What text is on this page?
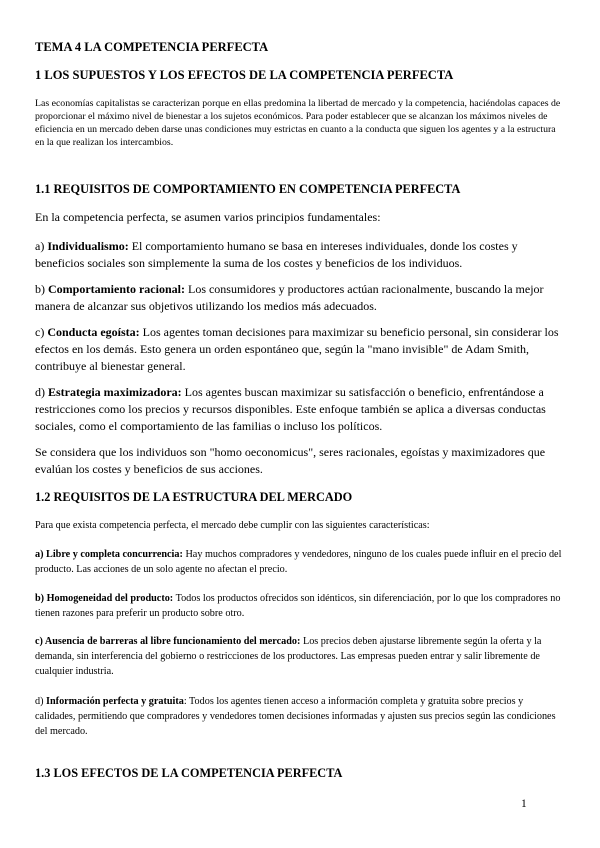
TEMA 4 LA COMPETENCIA PERFECTA
1 LOS SUPUESTOS Y LOS EFECTOS DE LA COMPETENCIA PERFECTA

Las economías capitalistas se caracterizan porque en ellas predomina la libertad de mercado y la competencia, haciéndolas capaces de proporcionar el máximo nivel de bienestar a los sujetos económicos. Para poder establecer que se alcanzan los máximos niveles de eficiencia en un mercado deben darse unas condiciones muy estrictas en cuanto a la conducta que siguen los agentes y a la estructura en la que realizan los intercambios.

1.1 REQUISITOS DE COMPORTAMIENTO EN COMPETENCIA PERFECTA

En la competencia perfecta, se asumen varios principios fundamentales:

a) Individualismo: El comportamiento humano se basa en intereses individuales, donde los costes y beneficios sociales son simplemente la suma de los costes y beneficios de los individuos.

b) Comportamiento racional: Los consumidores y productores actúan racionalmente, buscando la mejor manera de alcanzar sus objetivos utilizando los medios más adecuados.

c) Conducta egoísta: Los agentes toman decisiones para maximizar su beneficio personal, sin considerar los efectos en los demás. Esto genera un orden espontáneo que, según la "mano invisible" de Adam Smith, contribuye al bienestar general.

d) Estrategia maximizadora: Los agentes buscan maximizar su satisfacción o beneficio, enfrentándose a restricciones como los precios y recursos disponibles. Este enfoque también se aplica a diversas conductas sociales, como el comportamiento de las familias o incluso los políticos.

Se considera que los individuos son "homo oeconomicus", seres racionales, egoístas y maximizadores que evalúan los costes y beneficios de sus acciones.

1.2 REQUISITOS DE LA ESTRUCTURA DEL MERCADO

Para que exista competencia perfecta, el mercado debe cumplir con las siguientes características:

a) Libre y completa concurrencia: Hay muchos compradores y vendedores, ninguno de los cuales puede influir en el precio del producto. Las acciones de un solo agente no afectan el precio.

b) Homogeneidad del producto: Todos los productos ofrecidos son idénticos, sin diferenciación, por lo que los compradores no tienen razones para preferir un producto sobre otro.

c) Ausencia de barreras al libre funcionamiento del mercado: Los precios deben ajustarse libremente según la oferta y la demanda, sin interferencia del gobierno o restricciones de los productores. Las empresas pueden entrar y salir libremente de cualquier industria.

d) Información perfecta y gratuita: Todos los agentes tienen acceso a información completa y gratuita sobre precios y calidades, permitiendo que compradores y vendedores tomen decisiones informadas y ajusten sus precios según las condiciones del mercado.

1.3 LOS EFECTOS DE LA COMPETENCIA PERFECTA
1
